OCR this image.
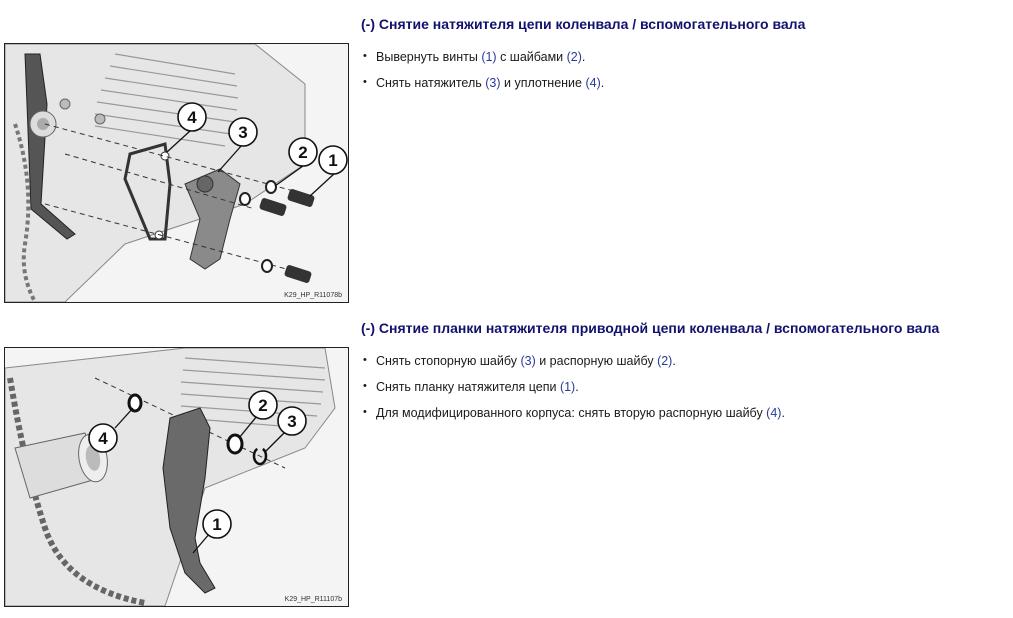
4
3
2 1
K29_HP_R11078b
(-) Снятие натяжителя цепи коленвала / вспомогательного вала
• Вывернуть винты (1) с шайбами (2).
• Снять натяжитель (3) и уплотнение (4).
4
2
3
1
K29_HP_R11107b
(-) Снятие планки натяжителя приводной цепи коленвала / вспомогательного вала
• Снять стопорную шайбу (3) и распорную шайбу (2).
• Снять планку натяжителя цепи (1).
• Для модифицированного корпуса: снять вторую распорную шайбу (4).
